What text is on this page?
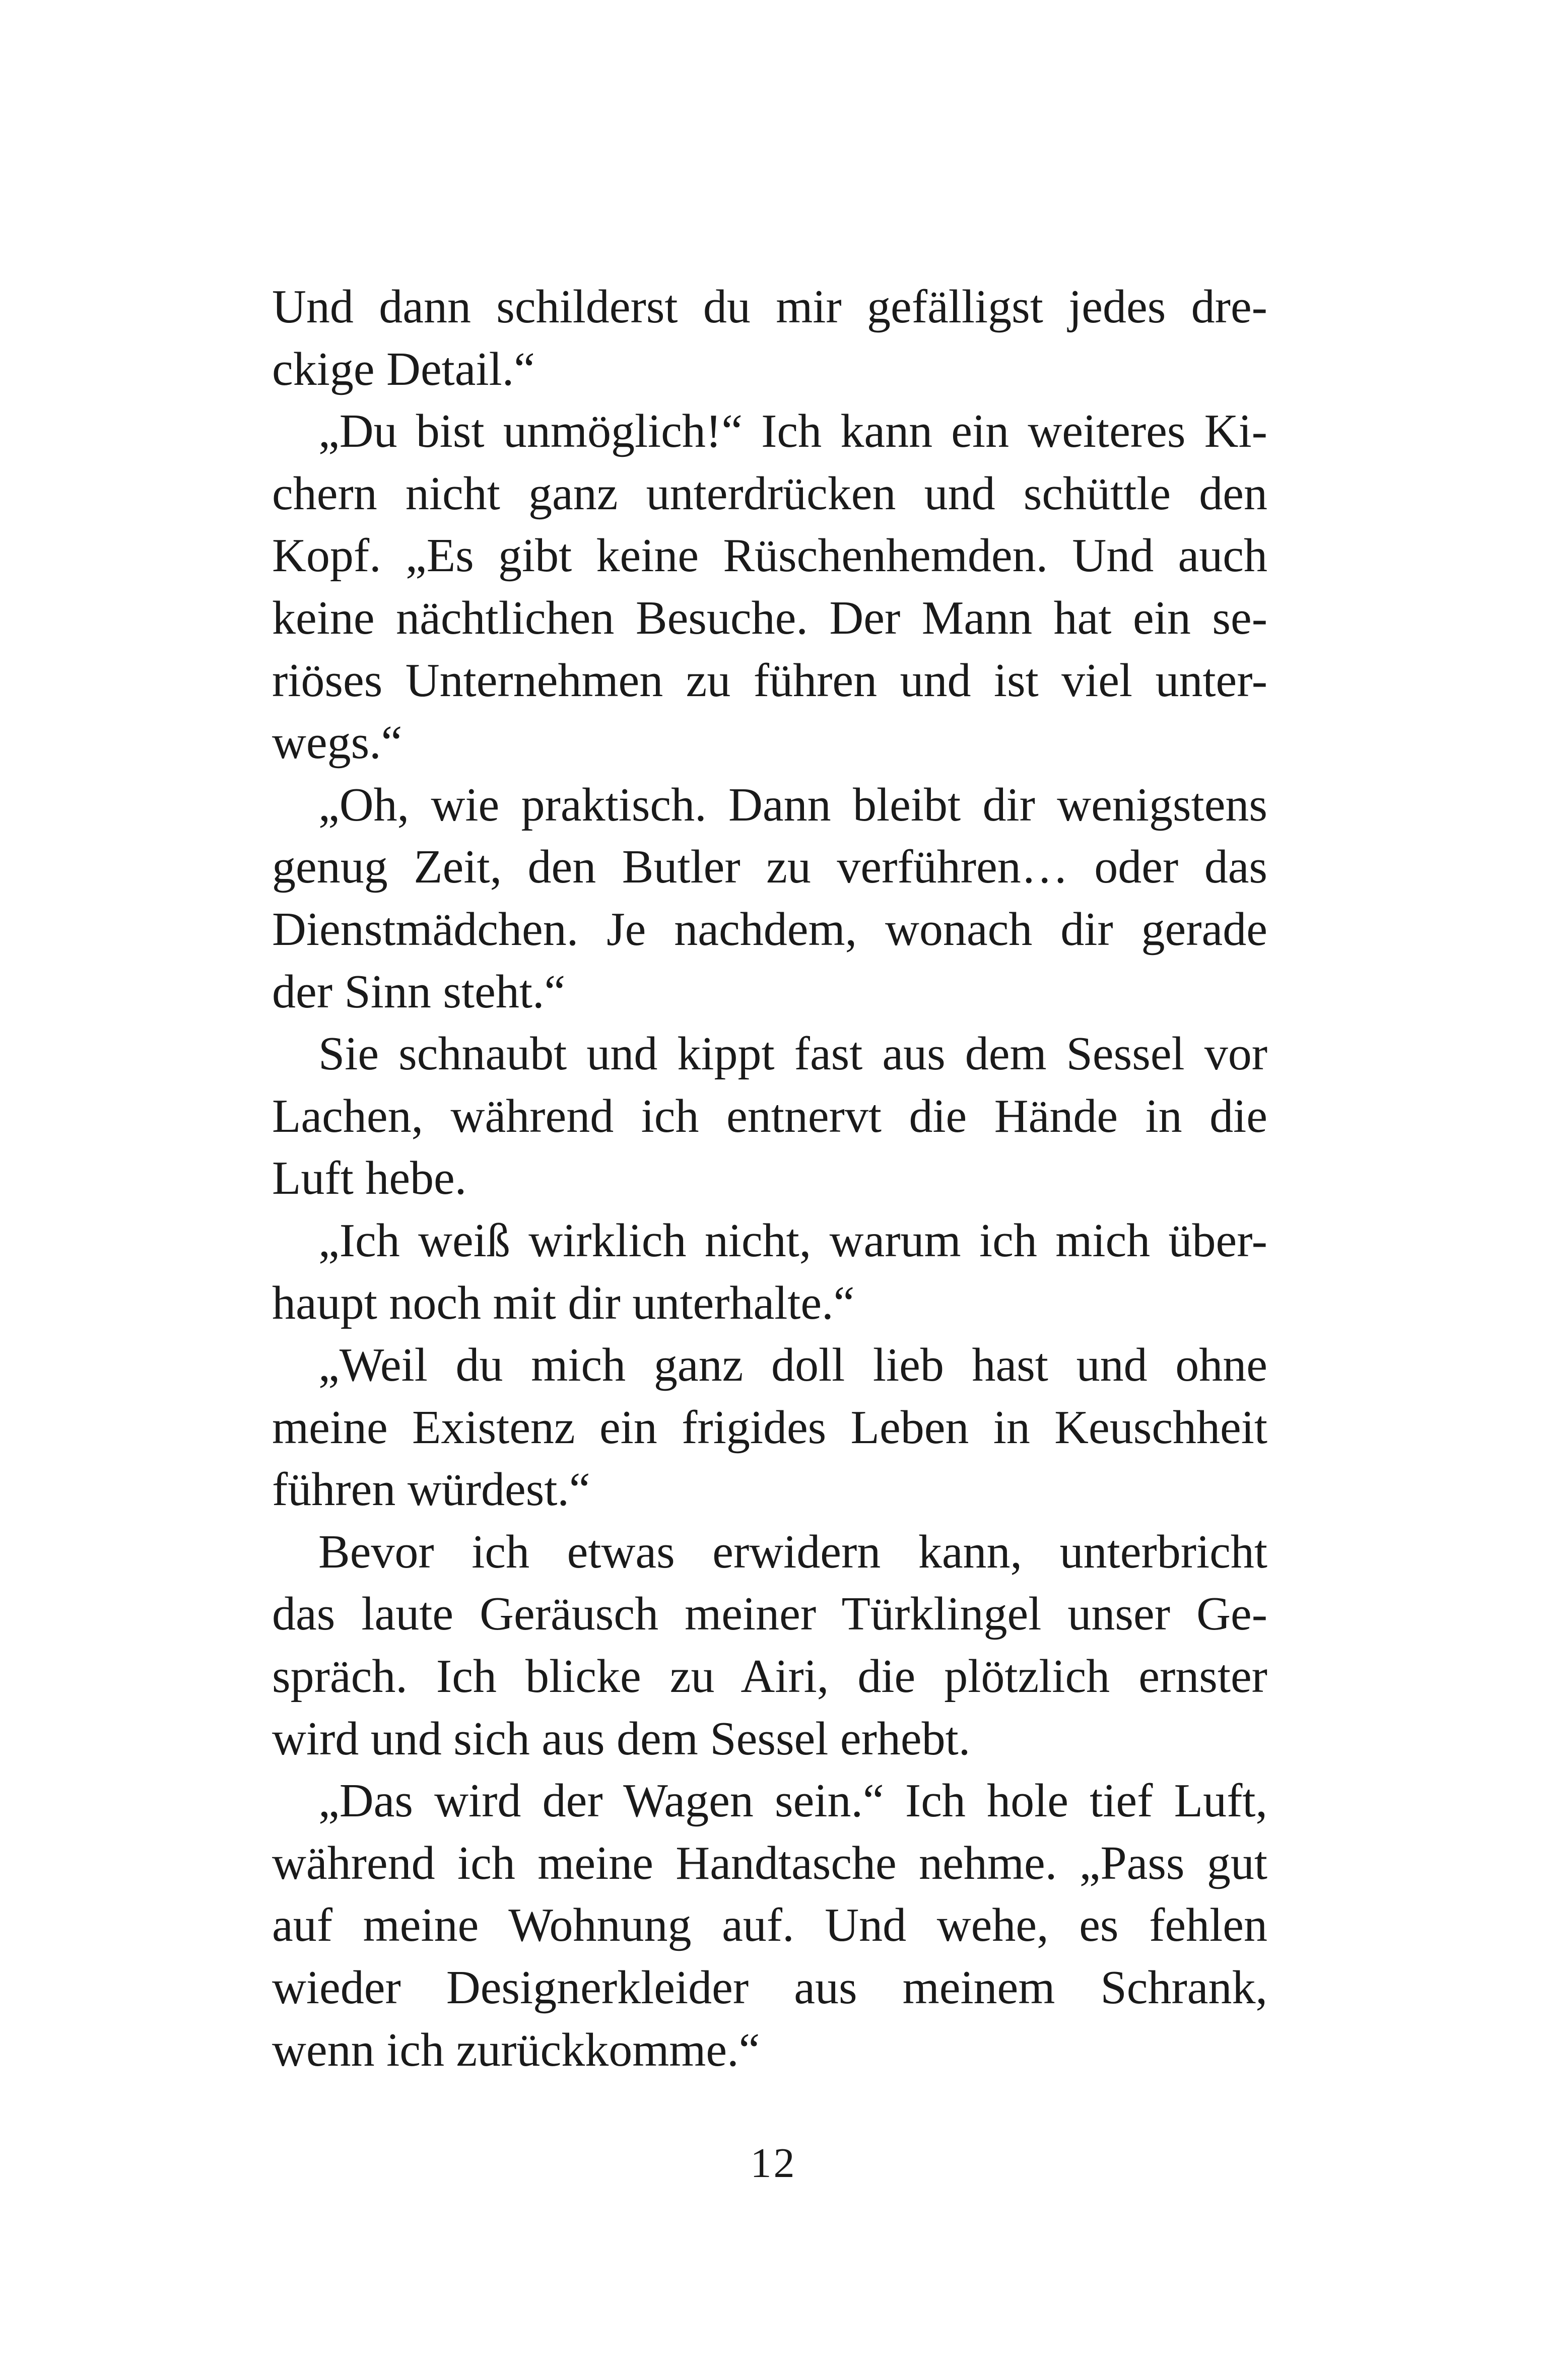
Und dann schilderst du mir gefälligst jedes dre-
ckige Detail.“

„Du bist unmöglich!“ Ich kann ein weiteres Ki-
chern nicht ganz unterdrücken und schüttle den
Kopf. „Es gibt keine Rüschenhemden. Und auch
keine nächtlichen Besuche. Der Mann hat ein se-
riöses Unternehmen zu führen und ist viel unter-
wegs.“

„Oh, wie praktisch. Dann bleibt dir wenigstens
genug Zeit, den Butler zu verführen… oder das
Dienstmädchen. Je nachdem, wonach dir gerade
der Sinn steht.“

Sie schnaubt und kippt fast aus dem Sessel vor
Lachen, während ich entnervt die Hände in die
Luft hebe.

„Ich weiß wirklich nicht, warum ich mich über-
haupt noch mit dir unterhalte.“

„Weil du mich ganz doll lieb hast und ohne
meine Existenz ein frigides Leben in Keuschheit
führen würdest.“

Bevor ich etwas erwidern kann, unterbricht
das laute Geräusch meiner Türklingel unser Ge-
spräch. Ich blicke zu Airi, die plötzlich ernster
wird und sich aus dem Sessel erhebt.

„Das wird der Wagen sein.“ Ich hole tief Luft,
während ich meine Handtasche nehme. „Pass gut
auf meine Wohnung auf. Und wehe, es fehlen
wieder Designerkleider aus meinem Schrank,
wenn ich zurückkomme.“

12
